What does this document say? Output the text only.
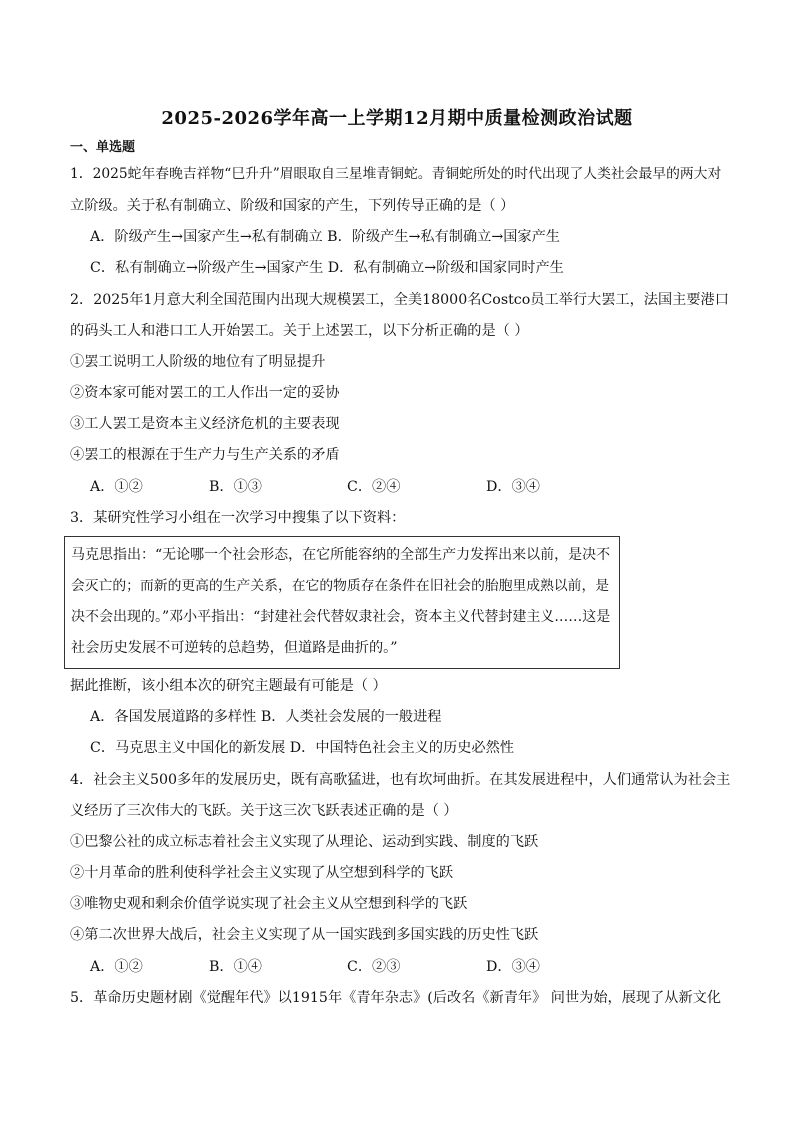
2025-2026学年高一上学期12月期中质量检测政治试题
一、单选题
1．2025蛇年春晚吉祥物“巳升升”眉眼取自三星堆青铜蛇。青铜蛇所处的时代出现了人类社会最早的两大对
立阶级。关于私有制确立、阶级和国家的产生，下列传导正确的是（ ）
A．阶级产生→国家产生→私有制确立 B．阶级产生→私有制确立→国家产生
C．私有制确立→阶级产生→国家产生 D．私有制确立→阶级和国家同时产生
2．2025年1月意大利全国范围内出现大规模罢工，全美18000名Costco员工举行大罢工，法国主要港口
的码头工人和港口工人开始罢工。关于上述罢工，以下分析正确的是（ ）
①罢工说明工人阶级的地位有了明显提升
②资本家可能对罢工的工人作出一定的妥协
③工人罢工是资本主义经济危机的主要表现
④罢工的根源在于生产力与生产关系的矛盾
A．①②	B．①③	C．②④	D．③④
3．某研究性学习小组在一次学习中搜集了以下资料：
马克思指出：“无论哪一个社会形态，在它所能容纳的全部生产力发挥出来以前，是决不
会灭亡的；而新的更高的生产关系，在它的物质存在条件在旧社会的胎胞里成熟以前，是
决不会出现的。”邓小平指出：“封建社会代替奴隶社会，资本主义代替封建主义……这是
社会历史发展不可逆转的总趋势，但道路是曲折的。”
据此推断，该小组本次的研究主题最有可能是（ ）
A．各国发展道路的多样性 B．人类社会发展的一般进程
C．马克思主义中国化的新发展 D．中国特色社会主义的历史必然性
4．社会主义500多年的发展历史，既有高歌猛进，也有坎坷曲折。在其发展进程中，人们通常认为社会主
义经历了三次伟大的飞跃。关于这三次飞跃表述正确的是（ ）
①巴黎公社的成立标志着社会主义实现了从理论、运动到实践、制度的飞跃
②十月革命的胜利使科学社会主义实现了从空想到科学的飞跃
③唯物史观和剩余价值学说实现了社会主义从空想到科学的飞跃
④第二次世界大战后，社会主义实现了从一国实践到多国实践的历史性飞跃
A．①②	B．①④	C．②③	D．③④
5．革命历史题材剧《觉醒年代》以1915年《青年杂志》(后改名《新青年》 问世为始，展现了从新文化
